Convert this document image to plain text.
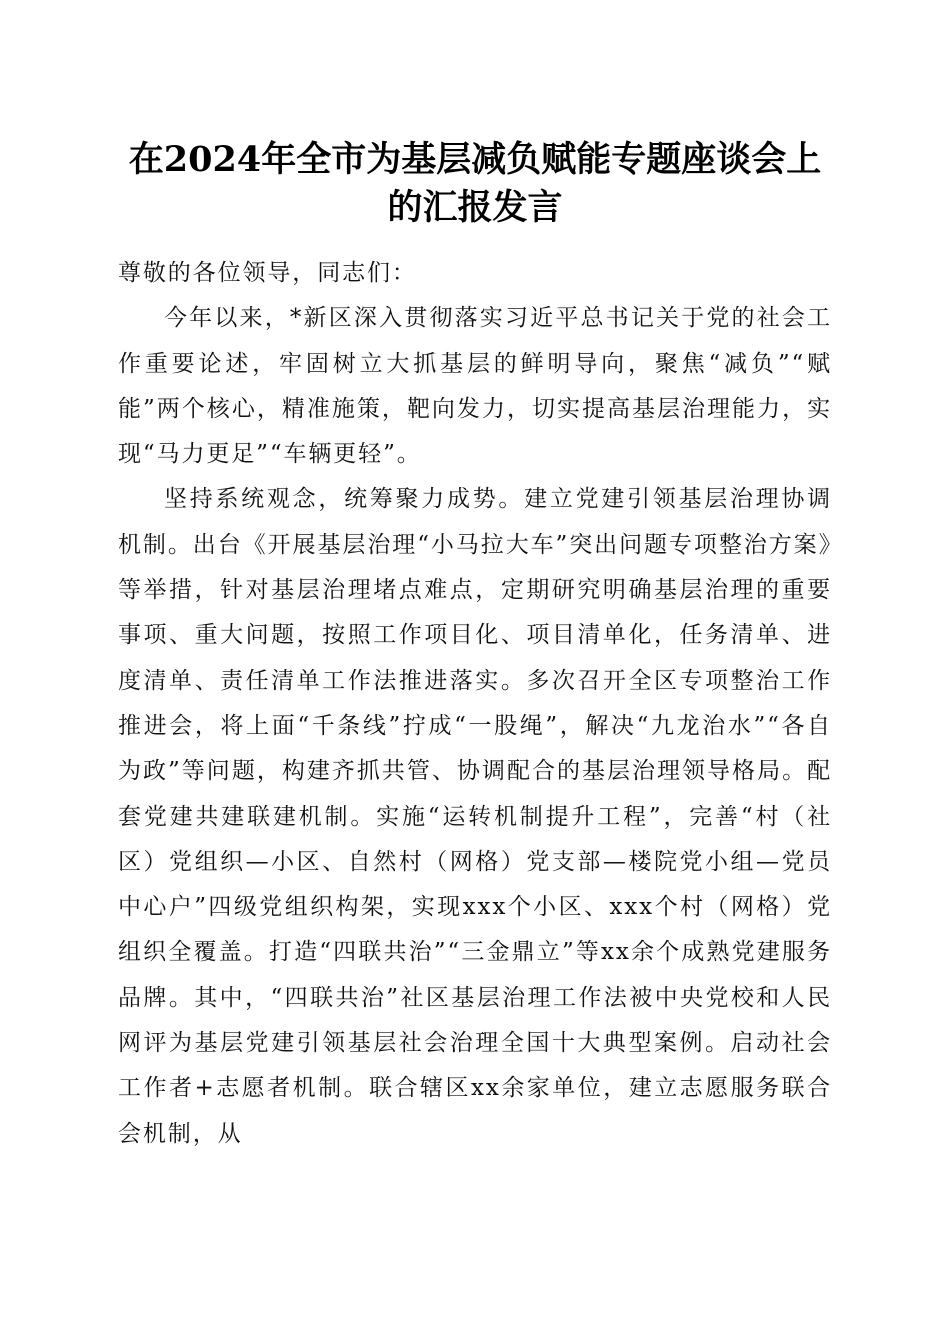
在2024年全市为基层减负赋能专题座谈会上的汇报发言

尊敬的各位领导，同志们：

今年以来，*新区深入贯彻落实习近平总书记关于党的社会工作重要论述，牢固树立大抓基层的鲜明导向，聚焦“减负”“赋能”两个核心，精准施策，靶向发力，切实提高基层治理能力，实现“马力更足”“车辆更轻”。

坚持系统观念，统筹聚力成势。建立党建引领基层治理协调机制。出台《开展基层治理“小马拉大车”突出问题专项整治方案》等举措，针对基层治理堵点难点，定期研究明确基层治理的重要事项、重大问题，按照工作项目化、项目清单化，任务清单、进度清单、责任清单工作法推进落实。多次召开全区专项整治工作推进会，将上面“千条线”拧成“一股绳”，解决“九龙治水”“各自为政”等问题，构建齐抓共管、协调配合的基层治理领导格局。配套党建共建联建机制。实施“运转机制提升工程”，完善“村（社区）党组织—小区、自然村（网格）党支部—楼院党小组—党员中心户”四级党组织构架，实现xxx个小区、xxx个村（网格）党组织全覆盖。打造“四联共治”“三金鼎立”等xx余个成熟党建服务品牌。其中，“四联共治”社区基层治理工作法被中央党校和人民网评为基层党建引领基层社会治理全国十大典型案例。启动社会工作者+志愿者机制。联合辖区xx余家单位，建立志愿服务联合会机制，从
